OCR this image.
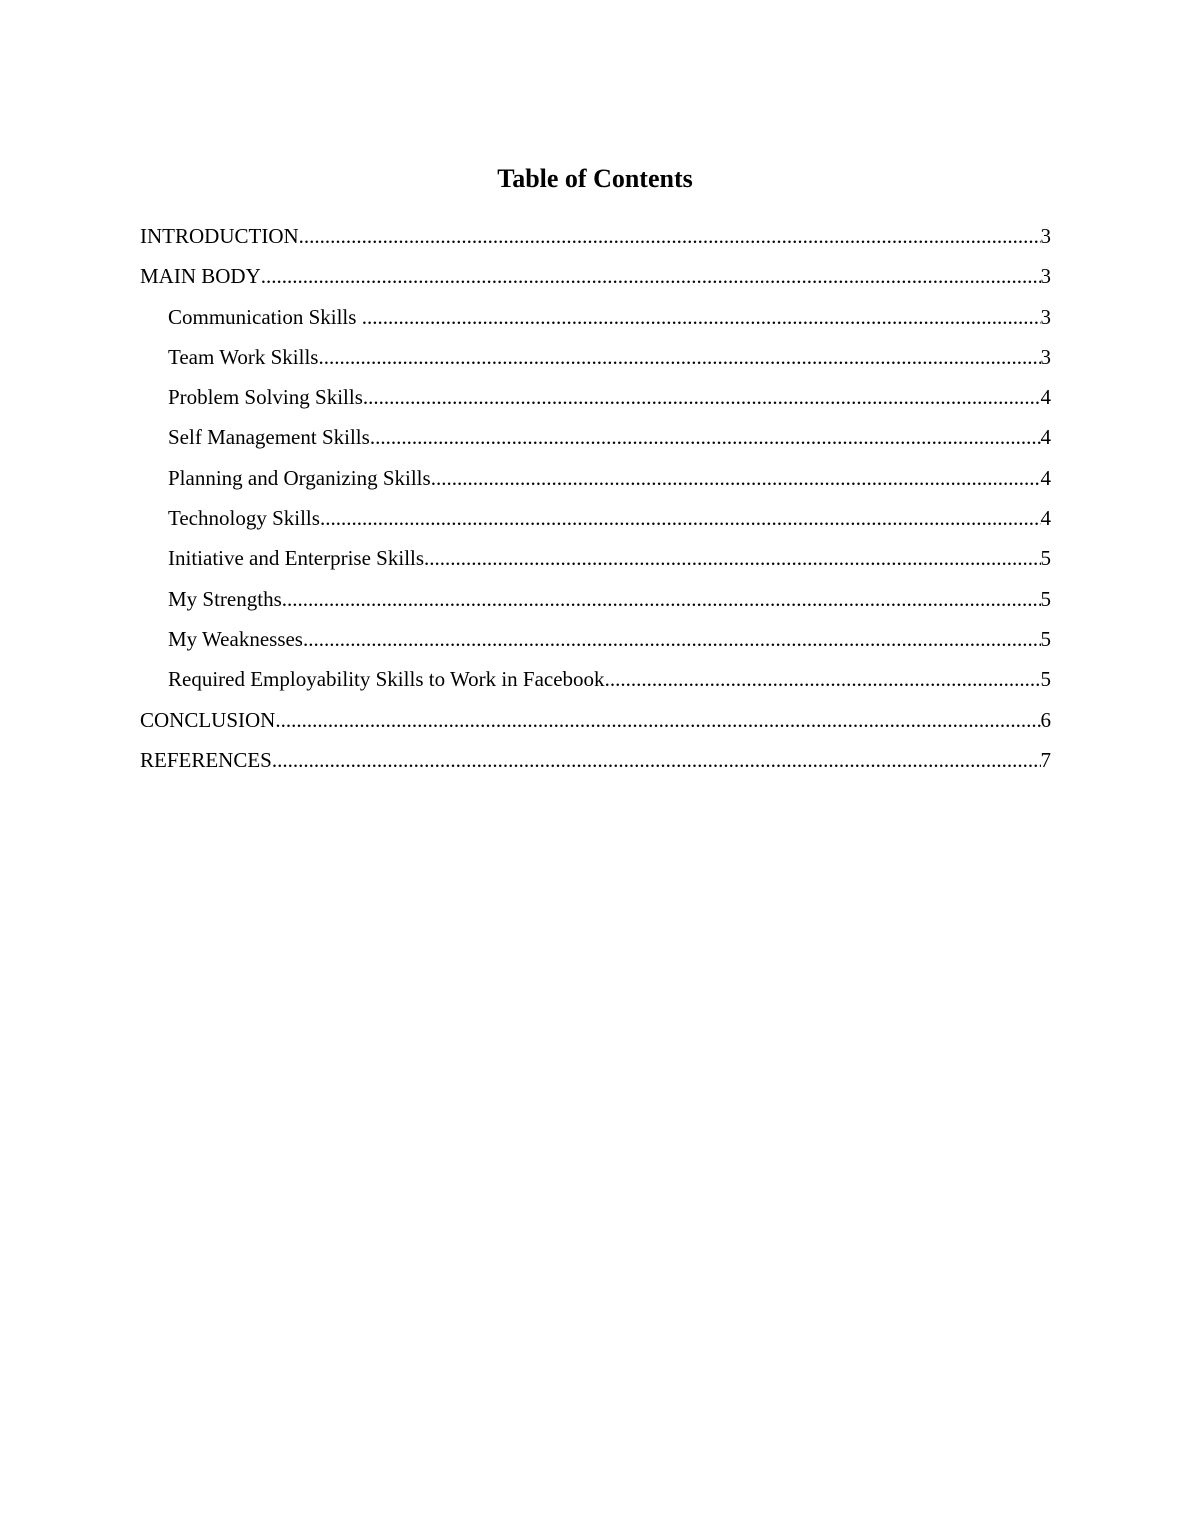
Table of Contents
INTRODUCTION .....	3
MAIN BODY .....	3
Communication Skills .....	3
Team Work Skills .....	3
Problem Solving Skills .....	4
Self Management Skills .....	4
Planning and Organizing Skills .....	4
Technology Skills .....	4
Initiative and Enterprise Skills .....	5
My Strengths .....	5
My Weaknesses .....	5
Required Employability Skills to Work in Facebook .....	5
CONCLUSION .....	6
REFERENCES .....	7
